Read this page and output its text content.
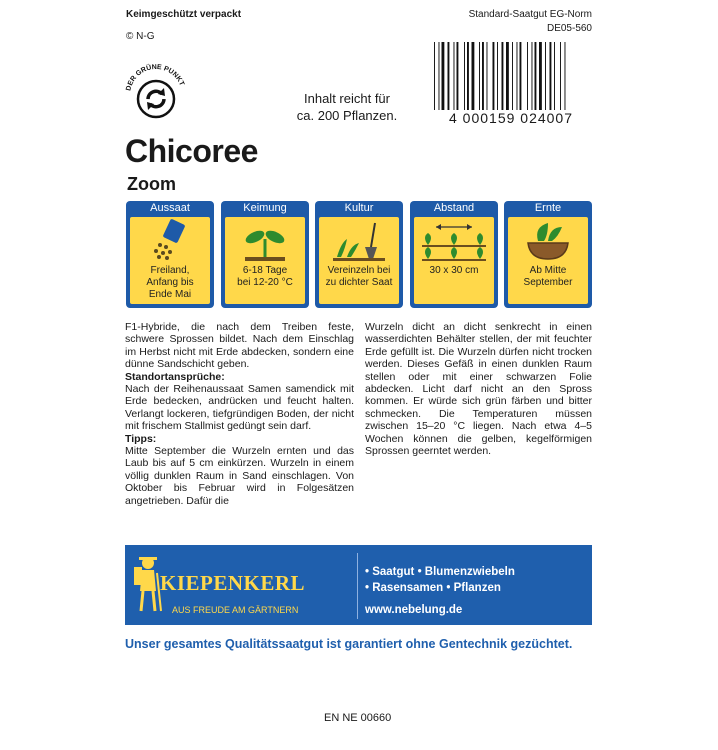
Keimgeschützt verpackt
© N-G
Standard-Saatgut EG-Norm
DE05-560
DER GRÜNE PUNKT
Inhalt reicht für
ca. 200 Pflanzen.	4 000159 024007
Chicoree
Zoom
Aussaat
Freiland,
Anfang bis
Ende Mai
Keimung
6-18 Tage
bei 12-20 °C
Kultur
Vereinzeln bei
zu dichter Saat
Abstand
30 x 30 cm
Ernte
Ab Mitte
September

F1-Hybride, die nach dem Treiben feste, schwere Sprossen bildet. Nach dem Einschlag im Herbst nicht mit Erde abdecken, sondern eine dünne Sandschicht geben.

Standortansprüche:

Nach der Reihenaussaat Samen samendick mit Erde bedecken, andrücken und feucht halten. Verlangt lockeren, tiefgründigen Boden, der nicht mit frischem Stallmist gedüngt sein darf.

Tipps:

Mitte September die Wurzeln ernten und das Laub bis auf 5 cm einkürzen. Wurzeln in einem völlig dunklen Raum in Sand einschlagen. Von Oktober bis Februar wird in Folgesätzen angetrieben. Dafür die

Wurzeln dicht an dicht senkrecht in einen wasserdichten Behälter stellen, der mit feuchter Erde gefüllt ist. Die Wurzeln dürfen nicht trocken werden. Dieses Gefäß in einen dunklen Raum stellen oder mit einer schwarzen Folie abdecken. Licht darf nicht an den Spross kommen. Er würde sich grün färben und bitter schmecken. Die Temperaturen müssen zwischen 15–20 °C liegen. Nach etwa 4–5 Wochen können die gelben, kegelförmigen Sprossen geerntet werden.

KIEPENKERL
AUS FREUDE AM GÄRTNERN
• Saatgut • Blumenzwiebeln
• Rasensamen • Pflanzen
www.nebelung.de
Unser gesamtes Qualitätssaatgut ist garantiert ohne Gentechnik gezüchtet.
EN NE 00660
